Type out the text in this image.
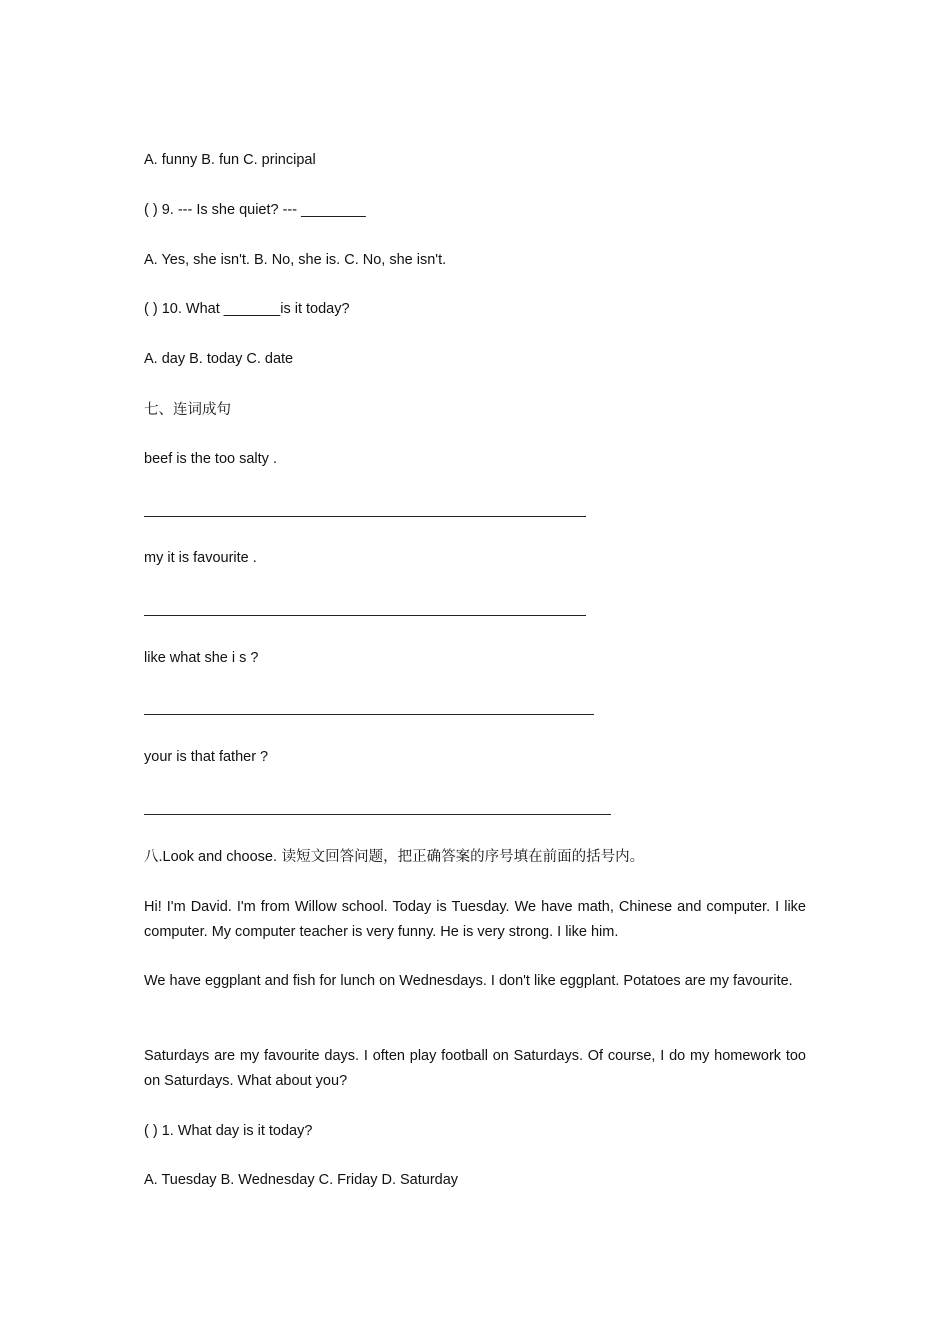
A. funny B. fun C. principal
( ) 9. --- Is she quiet? --- ________
A. Yes, she isn't. B. No, she is. C. No, she isn't.
( ) 10. What _______is it today?
A. day B. today C. date
七、连词成句
beef is the too salty .
my it is favourite .
like what she i s ?
your is that father ?
八.Look and choose. 读短文回答问题，把正确答案的序号填在前面的括号内。
Hi! I'm David. I'm from Willow school. Today is Tuesday. We have math, Chinese and computer. I like computer. My computer teacher is very funny. He is very strong. I like him.
We have eggplant and fish for lunch on Wednesdays. I don't like eggplant. Potatoes are my favourite.
Saturdays are my favourite days. I often play football on Saturdays. Of course, I do my homework too on Saturdays. What about you?
( ) 1. What day is it today?
A. Tuesday B. Wednesday C. Friday D. Saturday
